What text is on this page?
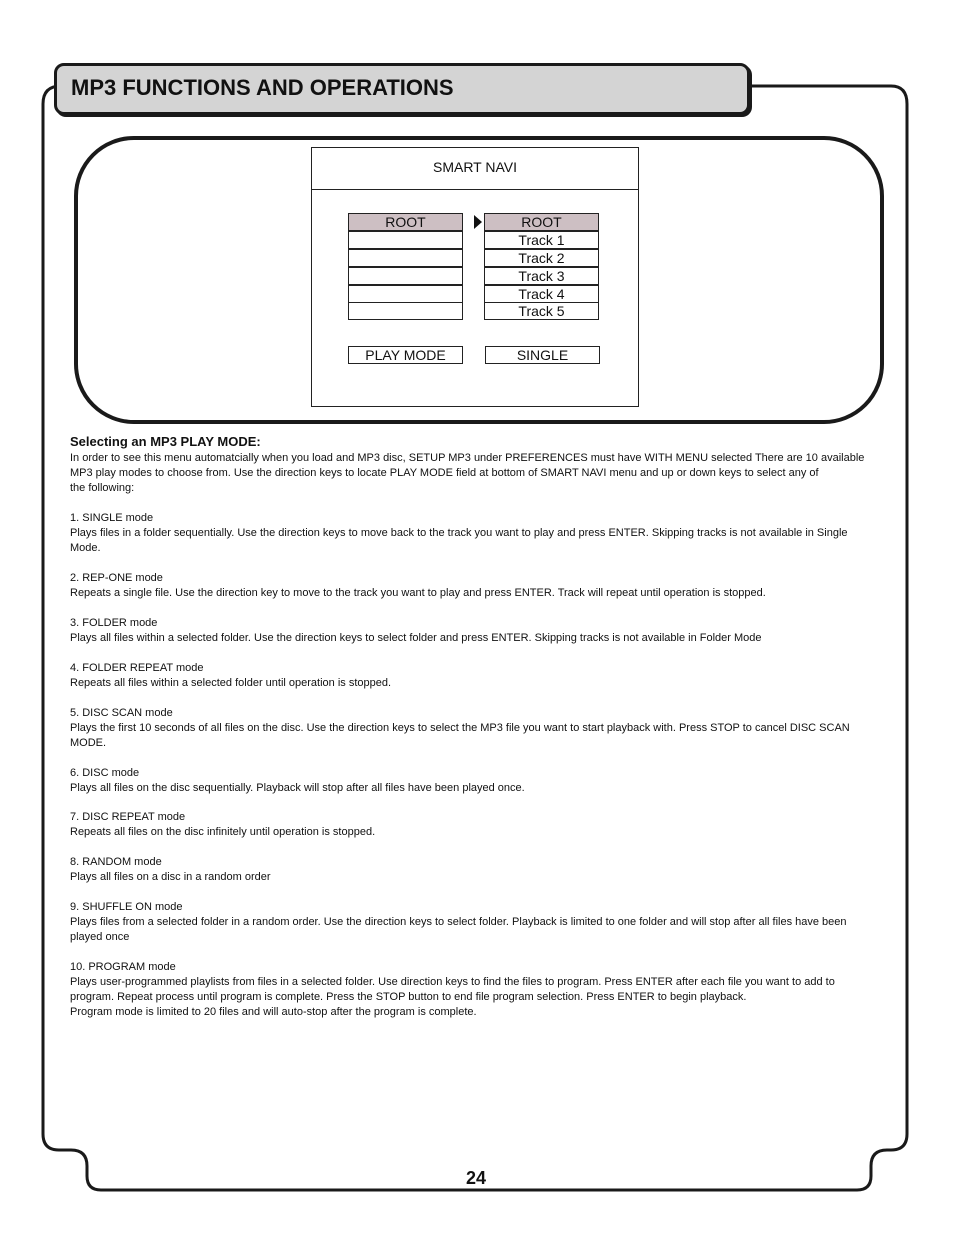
MP3 FUNCTIONS AND OPERATIONS
SMART NAVI
ROOT	ROOT
Track 1
Track 2
Track 3
Track 4
Track 5
PLAY MODE	SINGLE
Selecting an MP3 PLAY MODE:

In order to see this menu automatcially when you load and MP3 disc, SETUP MP3 under PREFERENCES must have WITH MENU selected There are 10 available

MP3 play modes to choose from. Use the direction keys to locate PLAY MODE field at bottom of SMART NAVI menu and up or down keys to select any of

the following:

1. SINGLE mode

Plays files in a folder sequentially. Use the direction keys to move back to the track you want to play and press ENTER. Skipping tracks is not available in Single

Mode.

2. REP-ONE mode

Repeats a single file. Use the direction key to move to the track you want to play and press ENTER. Track will repeat until operation is stopped.

3. FOLDER mode

Plays all files within a selected folder. Use the direction keys to select folder and press ENTER. Skipping tracks is not available in Folder Mode

4. FOLDER REPEAT mode

Repeats all files within a selected folder until operation is stopped.

5. DISC SCAN mode

Plays the first 10 seconds of all files on the disc. Use the direction keys to select the MP3 file you want to start playback with. Press STOP to cancel DISC SCAN

MODE.

6. DISC mode

Plays all files on the disc sequentially. Playback will stop after all files have been played once.

7. DISC REPEAT mode

Repeats all files on the disc infinitely until operation is stopped.

8. RANDOM mode

Plays all files on a disc in a random order

9. SHUFFLE ON mode

Plays files from a selected folder in a random order. Use the direction keys to select folder. Playback is limited to one folder and will stop after all files have been

played once

10. PROGRAM mode

Plays user-programmed playlists from files in a selected folder. Use direction keys to find the files to program. Press ENTER after each file you want to add to

program. Repeat process until program is complete. Press the STOP button to end file program selection. Press ENTER to begin playback.

Program mode is limited to 20 files and will auto-stop after the program is complete.

24
